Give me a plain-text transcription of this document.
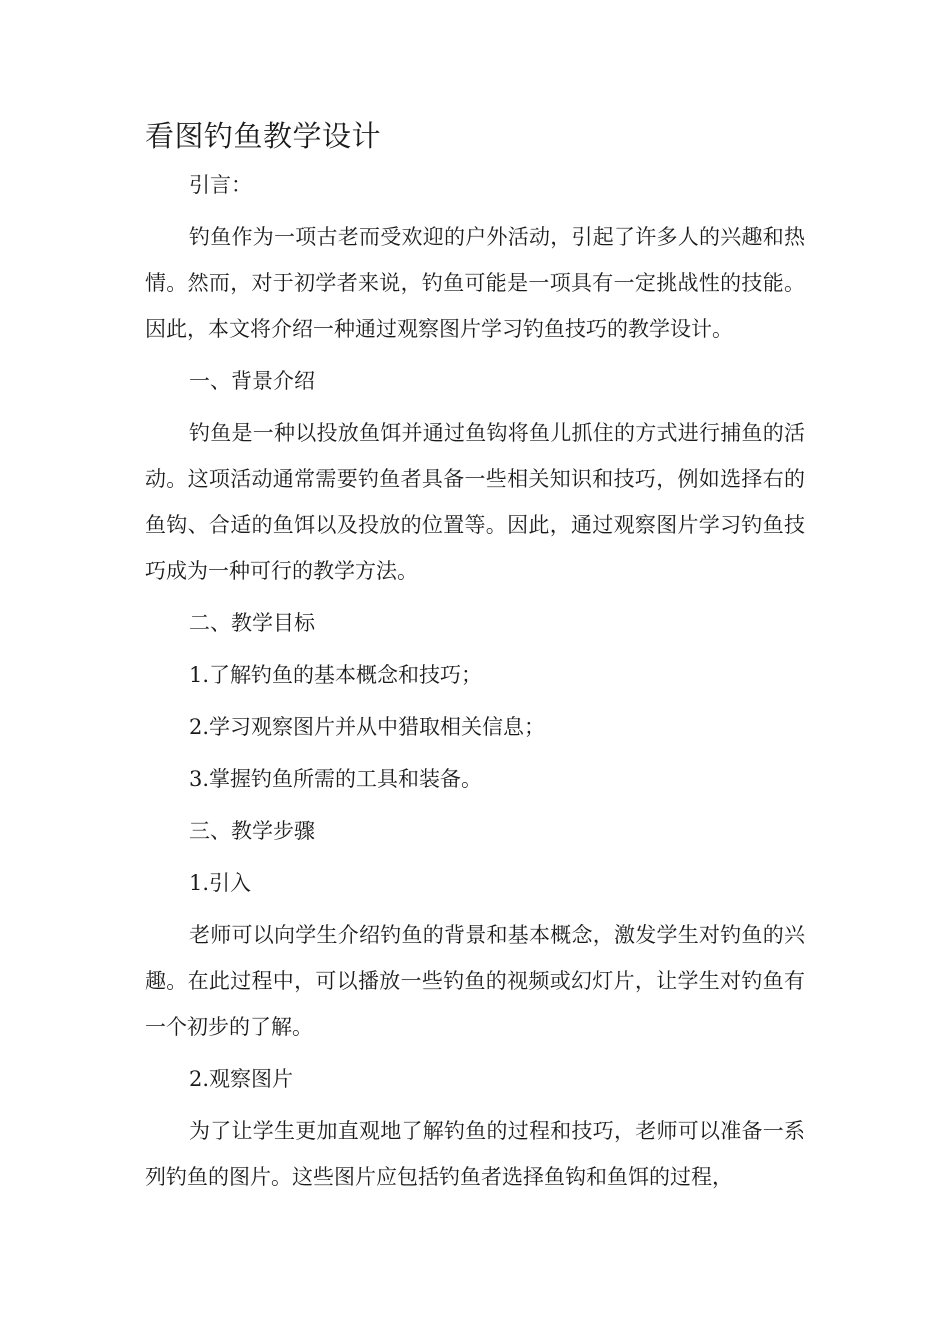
看图钓鱼教学设计

引言：

钓鱼作为一项古老而受欢迎的户外活动，引起了许多人的兴趣和热情。然而，对于初学者来说，钓鱼可能是一项具有一定挑战性的技能。因此，本文将介绍一种通过观察图片学习钓鱼技巧的教学设计。

一、背景介绍

钓鱼是一种以投放鱼饵并通过鱼钩将鱼儿抓住的方式进行捕鱼的活动。这项活动通常需要钓鱼者具备一些相关知识和技巧，例如选择右的鱼钩、合适的鱼饵以及投放的位置等。因此，通过观察图片学习钓鱼技巧成为一种可行的教学方法。

二、教学目标

1.了解钓鱼的基本概念和技巧；

2.学习观察图片并从中猎取相关信息；

3.掌握钓鱼所需的工具和装备。

三、教学步骤

1.引入

老师可以向学生介绍钓鱼的背景和基本概念，激发学生对钓鱼的兴趣。在此过程中，可以播放一些钓鱼的视频或幻灯片，让学生对钓鱼有一个初步的了解。

2.观察图片

为了让学生更加直观地了解钓鱼的过程和技巧，老师可以准备一系列钓鱼的图片。这些图片应包括钓鱼者选择鱼钩和鱼饵的过程，
